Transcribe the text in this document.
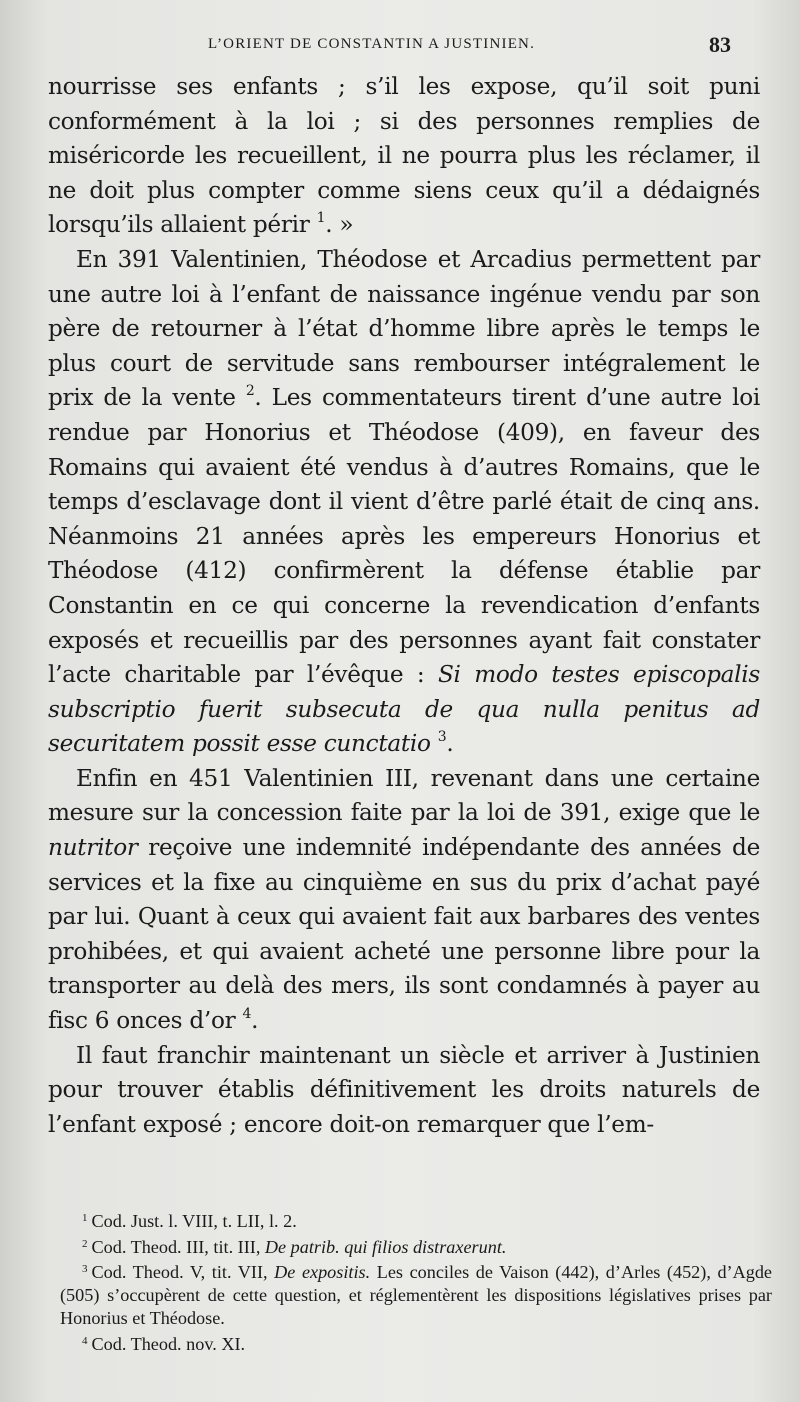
L’ORIENT DE CONSTANTIN A JUSTINIEN.	83

nourrisse ses enfants ; s’il les expose, qu’il soit puni conformément à la loi ; si des personnes remplies de miséricorde les recueillent, il ne pourra plus les réclamer, il ne doit plus compter comme siens ceux qu’il a dédaignés lorsqu’ils allaient périr $^1$. »

En 391 Valentinien, Théodose et Arcadius permettent par une autre loi à l’enfant de naissance ingénue vendu par son père de retourner à l’état d’homme libre après le temps le plus court de servitude sans rembourser intégralement le prix de la vente $^2$. Les commentateurs tirent d’une autre loi rendue par Honorius et Théodose (409), en faveur des Romains qui avaient été vendus à d’autres Romains, que le temps d’esclavage dont il vient d’être parlé était de cinq ans. Néanmoins 21 années après les empereurs Honorius et Théodose (412) confirmèrent la défense établie par Constantin en ce qui concerne la revendication d’enfants exposés et recueillis par des personnes ayant fait constater l’acte charitable par l’évêque : Si modo testes episcopalis subscriptio fuerit subsecuta de qua nulla penitus ad securitatem possit esse cunctatio $^3$.

Enfin en 451 Valentinien III, revenant dans une certaine mesure sur la concession faite par la loi de 391, exige que le nutritor reçoive une indemnité indépendante des années de services et la fixe au cinquième en sus du prix d’achat payé par lui. Quant à ceux qui avaient fait aux barbares des ventes prohibées, et qui avaient acheté une personne libre pour la transporter au delà des mers, ils sont condamnés à payer au fisc 6 onces d’or $^4$.

Il faut franchir maintenant un siècle et arriver à Justinien pour trouver établis définitivement les droits naturels de l’enfant exposé ; encore doit-on remarquer que l’em-

$^1$ Cod. Just. l. VIII, t. LII, l. 2.

$^2$ Cod. Theod. III, tit. III, De patrib. qui filios distraxerunt.

$^3$ Cod. Theod. V, tit. VII, De expositis. Les conciles de Vaison (442), d’Arles (452), d’Agde (505) s’occupèrent de cette question, et réglementèrent les dispositions législatives prises par Honorius et Théodose.

$^4$ Cod. Theod. nov. XI.
